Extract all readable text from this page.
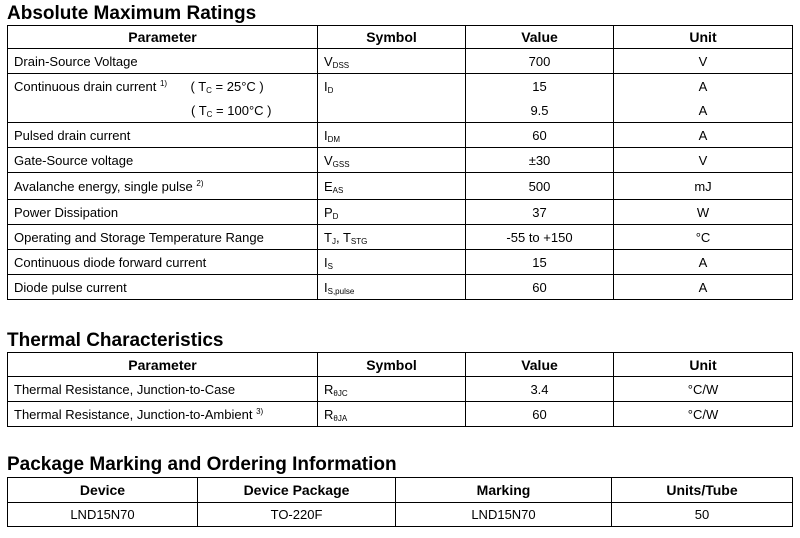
Absolute Maximum Ratings
Parameter	Symbol	Value	Unit
Drain-Source Voltage	$V_{DSS}$	700	V
Continuous drain current $^{1)}$ ( $T_C = 25^\circ C$ )	$I_D$	15	A

( $T_C = 100^\circ C$ )		9.5	A
Pulsed drain current	$I_{DM}$	60	A
Gate-Source voltage	$V_{GSS}$	±30	V
Avalanche energy, single pulse $^{2)}$	$E_{AS}$	500	mJ
Power Dissipation	$P_D$	37	W
Operating and Storage Temperature Range	$T_J$, $T_{STG}$	-55 to +150	°C
Continuous diode forward current	$I_S$	15	A
Diode pulse current	$I_{S,pulse}$	60	A
Thermal Characteristics
Parameter	Symbol	Value	Unit
Thermal Resistance, Junction-to-Case	$R_{\theta JC}$	3.4	°C/W
Thermal Resistance, Junction-to-Ambient $^{3)}$	$R_{\theta JA}$	60	°C/W
Package Marking and Ordering Information
Device	Device Package	Marking	Units/Tube
LND15N70	TO-220F	LND15N70	50
